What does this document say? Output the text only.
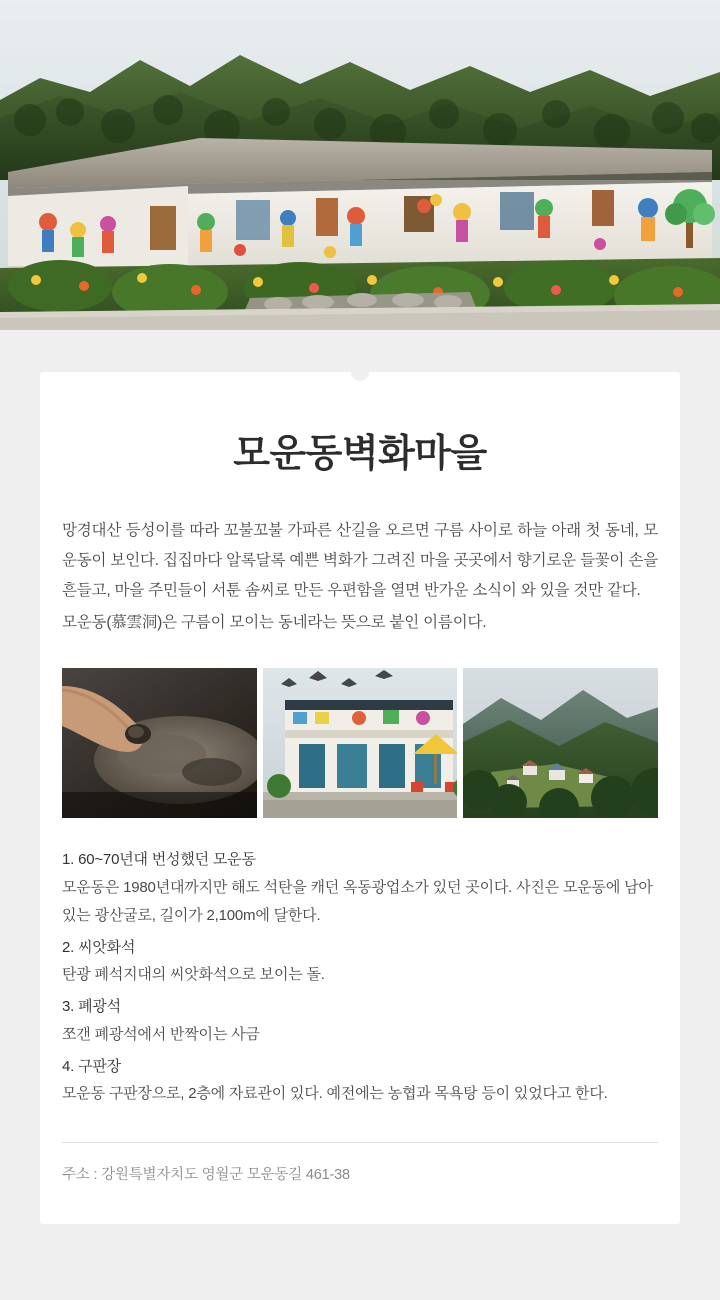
모운동벽화마을

망경대산 등성이를 따라 꼬불꼬불 가파른 산길을 오르면 구름 사이로 하늘 아래 첫 동네, 모운동이 보인다. 집집마다 알록달록 예쁜 벽화가 그려진 마을 곳곳에서 향기로운 들꽃이 손을 흔들고, 마을 주민들이 서툰 솜씨로 만든 우편함을 열면 반가운 소식이 와 있을 것만 같다.

모운동(慕雲洞)은 구름이 모이는 동네라는 뜻으로 붙인 이름이다.

1. 60~70년대 번성했던 모운동
모운동은 1980년대까지만 해도 석탄을 캐던 옥동광업소가 있던 곳이다. 사진은 모운동에 남아 있는 광산굴로, 길이가 2,100m에 달한다.
2. 씨앗화석
탄광 폐석지대의 씨앗화석으로 보이는 돌.
3. 폐광석
쪼갠 폐광석에서 반짝이는 사금
4. 구판장
모운동 구판장으로, 2층에 자료관이 있다. 예전에는 농협과 목욕탕 등이 있었다고 한다.
주소 : 강원특별자치도 영월군 모운동길 461-38
